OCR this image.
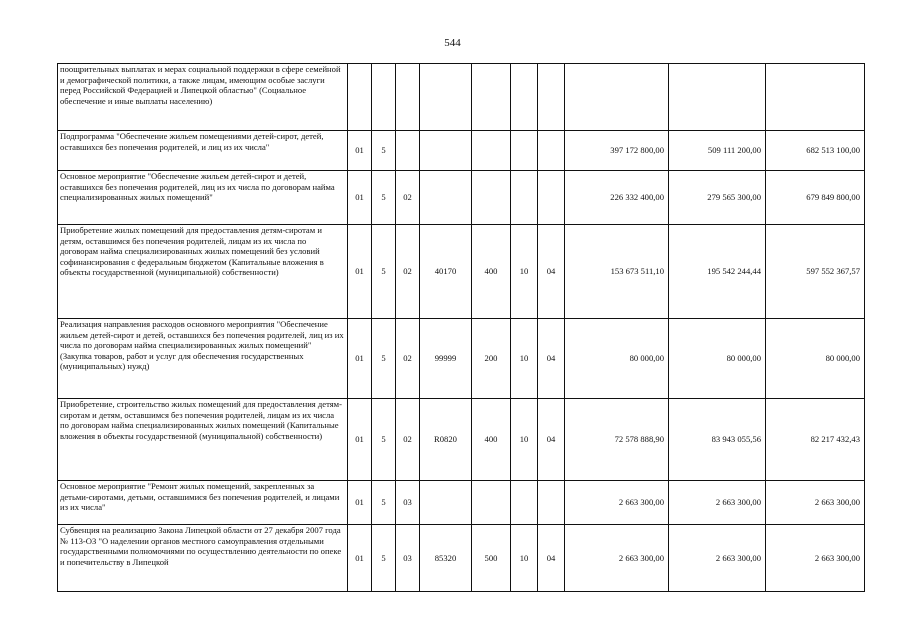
544
поощрительных выплатах и мерах социальной поддержки в сфере семейной и демографической политики, а также лицам, имеющим особые заслуги перед Российской Федерацией и Липецкой областью" (Социальное обеспечение и иные выплаты населению)										
Подпрограмма "Обеспечение жильем помещениями детей-сирот, детей, оставшихся без попечения родителей, и лиц из их числа"	01	5						397 172 800,00	509 111 200,00	682 513 100,00
Основное мероприятие "Обеспечение жильем детей-сирот и детей, оставшихся без попечения родителей, лиц из их числа по договорам найма специализированных жилых помещений"	01	5	02					226 332 400,00	279 565 300,00	679 849 800,00
Приобретение жилых помещений для предоставления детям-сиротам и детям, оставшимся без попечения родителей, лицам из их числа по договорам найма специализированных жилых помещений без условий софинансирования с федеральным бюджетом (Капитальные вложения в объекты государственной (муниципальной) собственности)	01	5	02	40170	400	10	04	153 673 511,10	195 542 244,44	597 552 367,57
Реализация направления расходов основного мероприятия "Обеспечение жильем детей-сирот и детей, оставшихся без попечения родителей, лиц из их числа по договорам найма специализированных жилых помещений" (Закупка товаров, работ и услуг для обеспечения государственных (муниципальных) нужд)	01	5	02	99999	200	10	04	80 000,00	80 000,00	80 000,00
Приобретение, строительство жилых помещений для предоставления детям-сиротам и детям, оставшимся без попечения родителей, лицам из их числа по договорам найма специализированных жилых помещений (Капитальные вложения в объекты государственной (муниципальной) собственности)	01	5	02	R0820	400	10	04	72 578 888,90	83 943 055,56	82 217 432,43
Основное мероприятие "Ремонт жилых помещений, закрепленных за детьми-сиротами, детьми, оставшимися без попечения родителей, и лицами из их числа"	01	5	03					2 663 300,00	2 663 300,00	2 663 300,00
Субвенция на реализацию Закона Липецкой области от 27 декабря 2007 года № 113-ОЗ "О наделении органов местного самоуправления отдельными государственными полномочиями по осуществлению деятельности по опеке и попечительству в Липецкой	01	5	03	85320	500	10	04	2 663 300,00	2 663 300,00	2 663 300,00
